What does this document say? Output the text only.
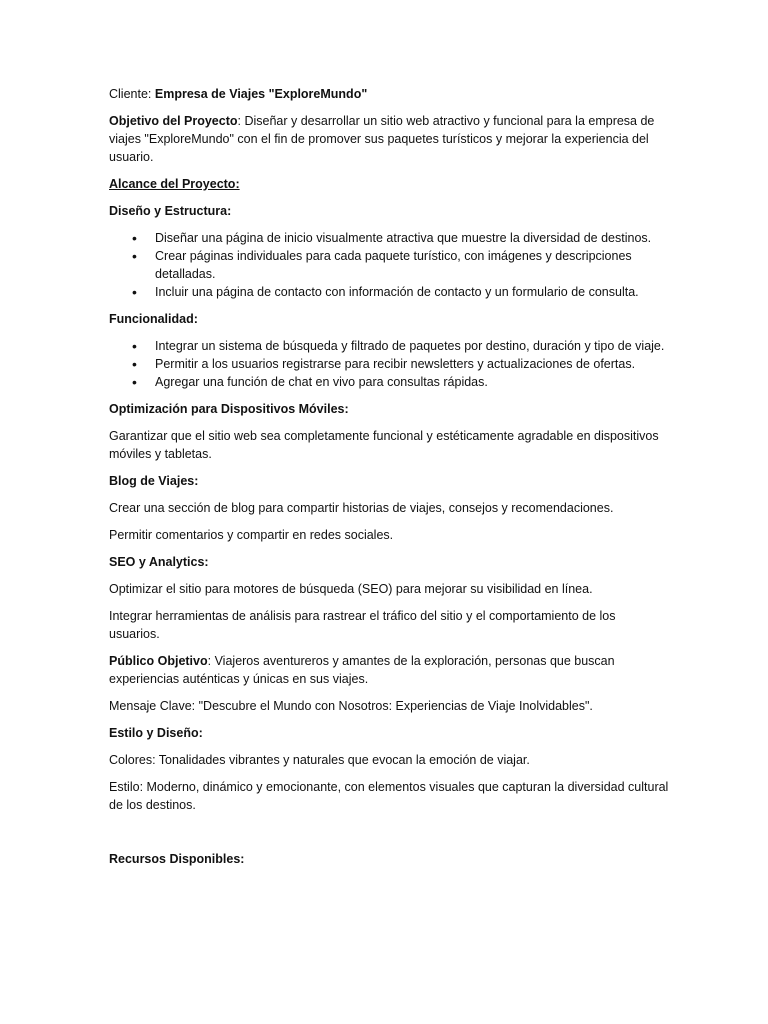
Cliente: Empresa de Viajes "ExploreMundo"

Objetivo del Proyecto: Diseñar y desarrollar un sitio web atractivo y funcional para la empresa de viajes "ExploreMundo" con el fin de promover sus paquetes turísticos y mejorar la experiencia del usuario.

Alcance del Proyecto:

Diseño y Estructura:

• Diseñar una página de inicio visualmente atractiva que muestre la diversidad de destinos.
• Crear páginas individuales para cada paquete turístico, con imágenes y descripciones detalladas.
• Incluir una página de contacto con información de contacto y un formulario de consulta.

Funcionalidad:

• Integrar un sistema de búsqueda y filtrado de paquetes por destino, duración y tipo de viaje.
• Permitir a los usuarios registrarse para recibir newsletters y actualizaciones de ofertas.
• Agregar una función de chat en vivo para consultas rápidas.

Optimización para Dispositivos Móviles:

Garantizar que el sitio web sea completamente funcional y estéticamente agradable en dispositivos móviles y tabletas.

Blog de Viajes:

Crear una sección de blog para compartir historias de viajes, consejos y recomendaciones.

Permitir comentarios y compartir en redes sociales.

SEO y Analytics:

Optimizar el sitio para motores de búsqueda (SEO) para mejorar su visibilidad en línea.

Integrar herramientas de análisis para rastrear el tráfico del sitio y el comportamiento de los usuarios.

Público Objetivo: Viajeros aventureros y amantes de la exploración, personas que buscan experiencias auténticas y únicas en sus viajes.

Mensaje Clave: "Descubre el Mundo con Nosotros: Experiencias de Viaje Inolvidables".

Estilo y Diseño:

Colores: Tonalidades vibrantes y naturales que evocan la emoción de viajar.

Estilo: Moderno, dinámico y emocionante, con elementos visuales que capturan la diversidad cultural de los destinos.

Recursos Disponibles:
